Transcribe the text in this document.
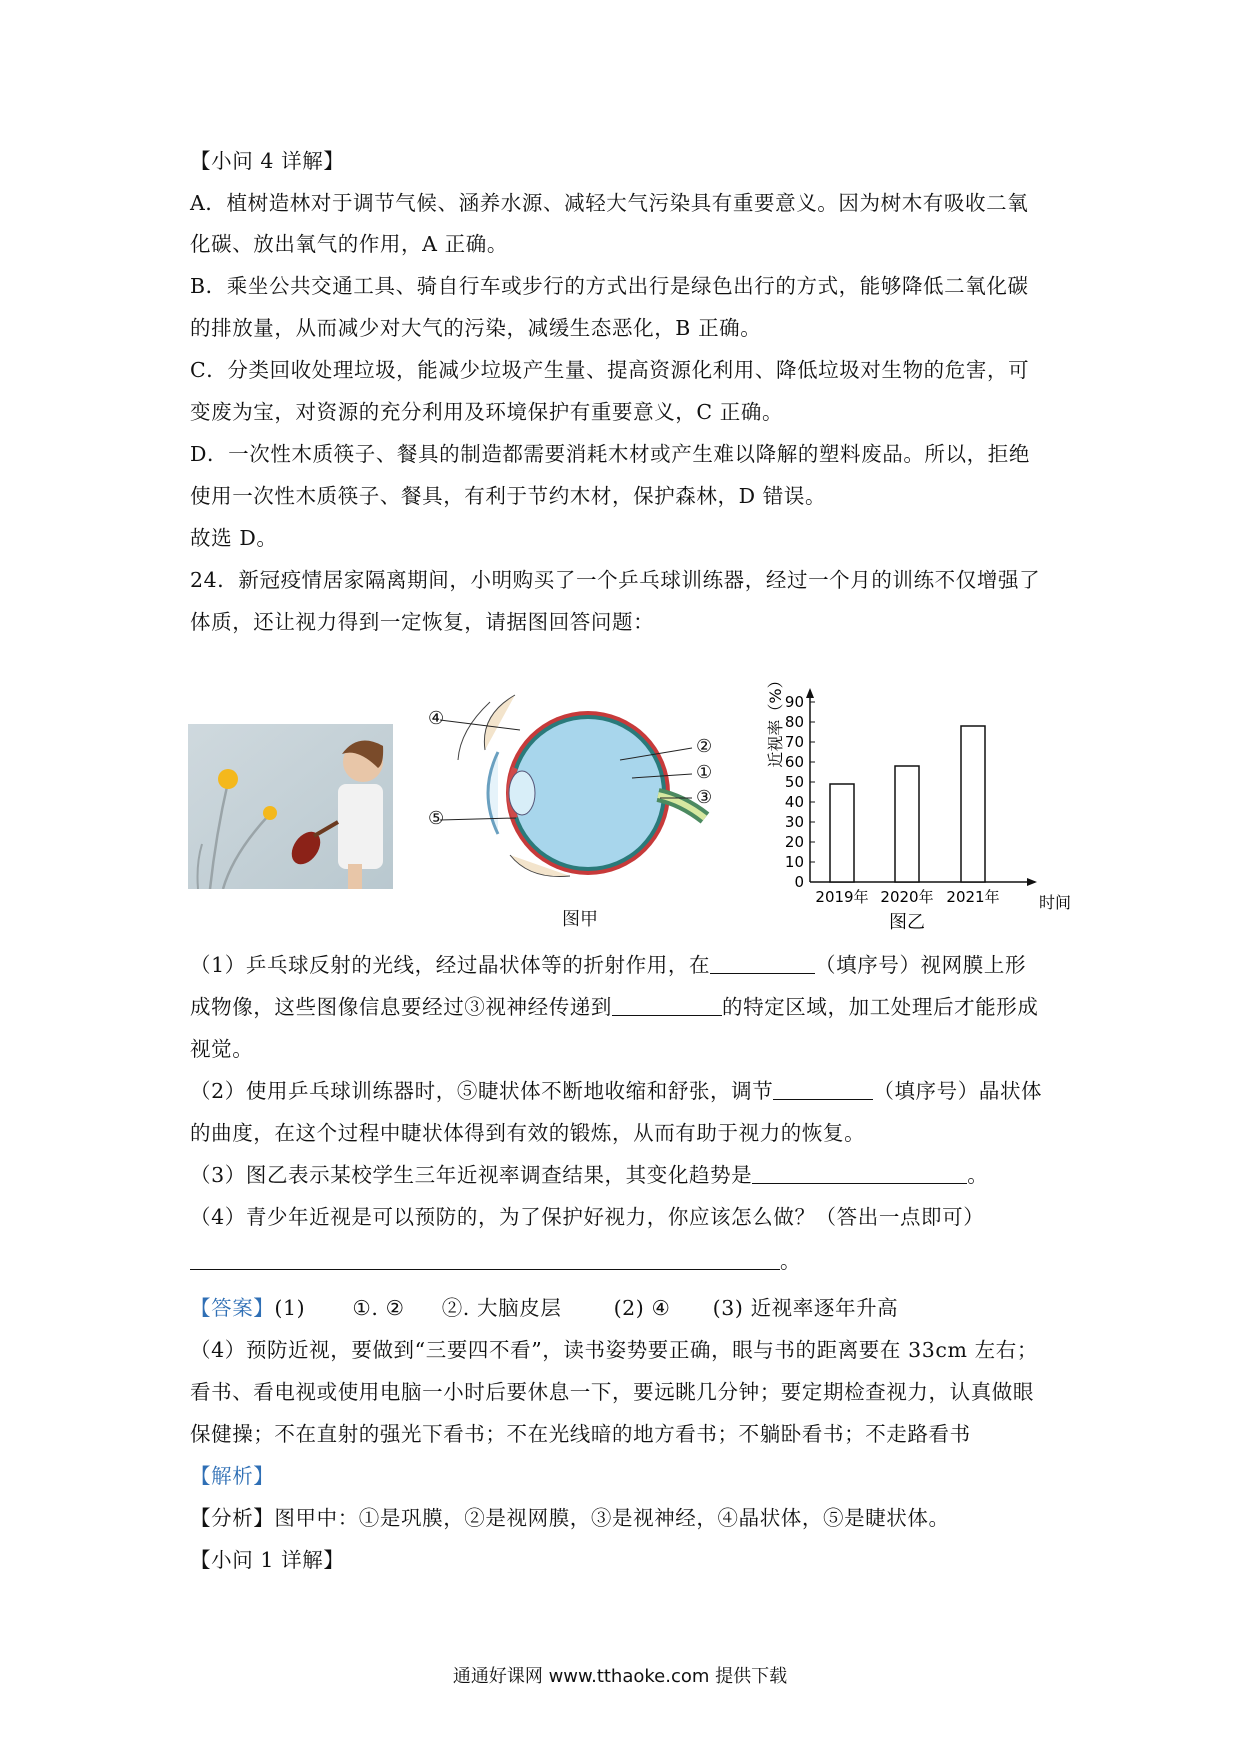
【小问 4 详解】
A．植树造林对于调节气候、涵养水源、减轻大气污染具有重要意义。因为树木有吸收二氧
化碳、放出氧气的作用，A 正确。
B．乘坐公共交通工具、骑自行车或步行的方式出行是绿色出行的方式，能够降低二氧化碳
的排放量，从而减少对大气的污染，减缓生态恶化，B 正确。
C．分类回收处理垃圾，能减少垃圾产生量、提高资源化利用、降低垃圾对生物的危害，可
变废为宝，对资源的充分利用及环境保护有重要意义，C 正确。
D．一次性木质筷子、餐具的制造都需要消耗木材或产生难以降解的塑料废品。所以，拒绝
使用一次性木质筷子、餐具，有利于节约木材，保护森林，D 错误。
故选 D。
24．新冠疫情居家隔离期间，小明购买了一个乒乓球训练器，经过一个月的训练不仅增强了
体质，还让视力得到一定恢复，请据图回答问题：
④
⑤
②
①
③
图甲
0
10
20
30
40
50
60
70
80
90
近视率（%）
2019年 2020年 2021年 时间
图乙
（1）乒乓球反射的光线，经过晶状体等的折射作用，在	（填序号）视网膜上形
成物像，这些图像信息要经过③视神经传递到	的特定区域，加工处理后才能形成
视觉。
（2）使用乒乓球训练器时，⑤睫状体不断地收缩和舒张，调节	（填序号）晶状体
的曲度，在这个过程中睫状体得到有效的锻炼，从而有助于视力的恢复。
（3）图乙表示某校学生三年近视率调查结果，其变化趋势是	。
（4）青少年近视是可以预防的，为了保护好视力，你应该怎么做？（答出一点即可）
。
【答案】(1) ①. ② ②. 大脑皮层	(2) ④ (3) 近视率逐年升高
（4）预防近视，要做到“三要四不看”，读书姿势要正确，眼与书的距离要在 33cm 左右；
看书、看电视或使用电脑一小时后要休息一下，要远眺几分钟；要定期检查视力，认真做眼
保健操；不在直射的强光下看书；不在光线暗的地方看书；不躺卧看书；不走路看书
【解析】
【分析】图甲中：①是巩膜，②是视网膜，③是视神经，④晶状体，⑤是睫状体。
【小问 1 详解】
通通好课网 www.tthaoke.com 提供下载
